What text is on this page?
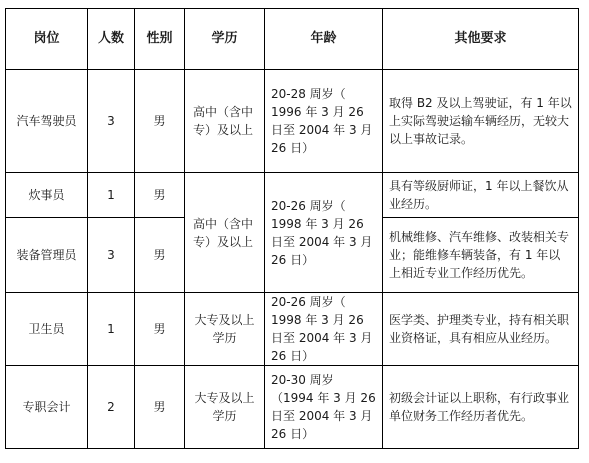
岗位	人数	性别	学历	年龄	其他要求
汽车驾驶员	3	男	高中（含中专）及以上	20-28 周岁（ 1996 年 3 月 26 日至 2004 年 3 月 26 日）	取得 B2 及以上驾驶证，有 1 年以上实际驾驶运输车辆经历，无较大以上事故记录。
炊事员	1	男	高中（含中专）及以上	20-26 周岁（ 1998 年 3 月 26 日至 2004 年 3 月 26 日）	具有等级厨师证，1 年以上餐饮从业经历。
装备管理员	3	男			机械维修、汽车维修、改装相关专业；能维修车辆装备，有 1 年以上相近专业工作经历优先。
卫生员	1	男	大专及以上学历	20-26 周岁（ 1998 年 3 月 26 日至 2004 年 3 月 26 日）	医学类、护理类专业，持有相关职业资格证，具有相应从业经历。
专职会计	2	男	大专及以上学历	20-30 周岁（1994 年 3 月 26 日至 2004 年 3 月 26 日）	初级会计证以上职称，有行政事业单位财务工作经历者优先。
